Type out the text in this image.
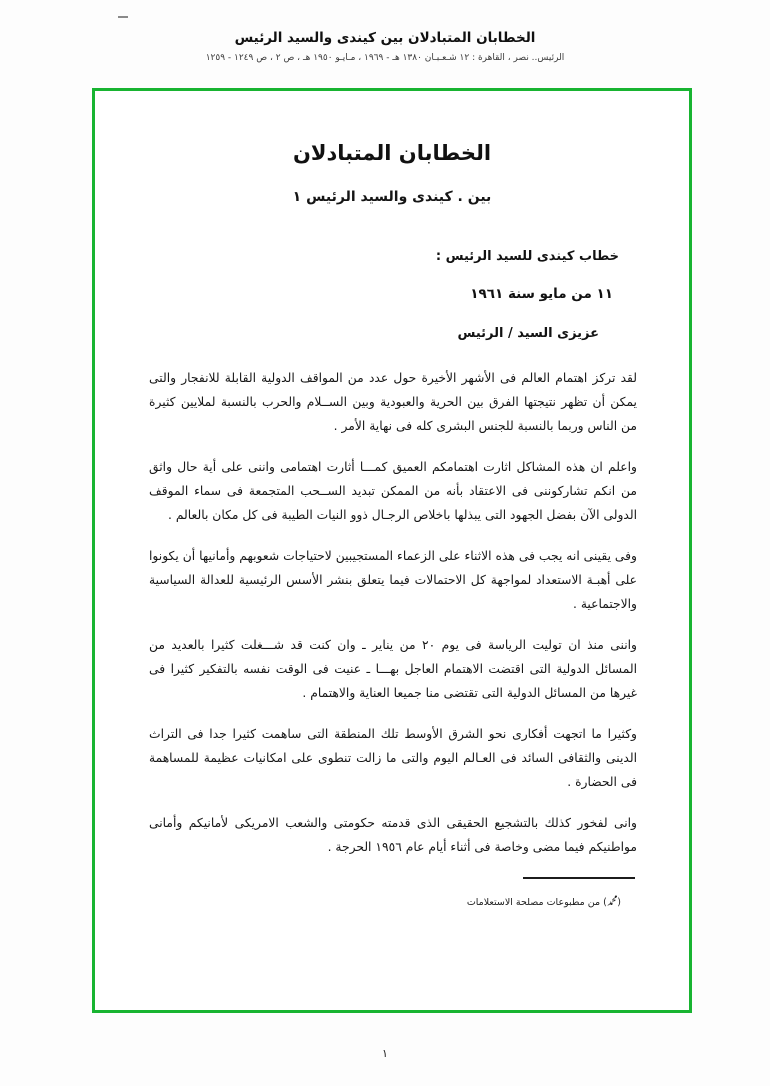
الخطابان المتبادلان بين كيندى والسيد الرئيس
الرئيس.. نصر ، القاهرة : ١٢ شـعـبـان ١٣٨٠ هـ - ١٩٦٩ ، مـايـو ١٩٥٠ هـ ، ص ٢ ، ص ١٢٤٩ - ١٢٥٩
الخطابان المتبادلان
بين . كيندى والسيد الرئيس ١
خطاب كيندى للسيد الرئيس :
١١ من مايو سنة ١٩٦١
عزيزى السيد / الرئيس

لقد تركز اهتمام العالم فى الأشهر الأخيرة حول عدد من المواقف الدولية القابلة للانفجار والتى يمكن أن تظهر نتيجتها الفرق بين الحرية والعبودية وبين الســلام والحرب بالنسبة لملايين كثيرة من الناس وربما بالنسبة للجنس البشرى كله فى نهاية الأمر .

واعلم ان هذه المشاكل اثارت اهتمامكم العميق كمـــا أثارت اهتمامى واننى على أية حال واثق من انكم تشاركوننى فى الاعتقاد بأنه من الممكن تبديد الســحب المتجمعة فى سماء الموقف الدولى الآن بفضل الجهود التى يبذلها باخلاص الرجـال ذوو النيات الطيبة فى كل مكان بالعالم .

وفى يقينى انه يجب فى هذه الاثناء على الزعماء المستجيبين لاحتياجات شعوبهم وأمانيها أن يكونوا على أهبـة الاستعداد لمواجهة كل الاحتمالات فيما يتعلق بنشر الأسس الرئيسية للعدالة السياسية والاجتماعية .

واننى منذ ان توليت الرياسة فى يوم ٢٠ من يناير ـ وان كنت قد شـــغلت كثيرا بالعديد من المسائل الدولية التى اقتضت الاهتمام العاجل بهـــا ـ عنيت فى الوقت نفسه بالتفكير كثيرا فى غيرها من المسائل الدولية التى تقتضى منا جميعا العناية والاهتمام .

وكثيرا ما اتجهت أفكارى نحو الشرق الأوسط تلك المنطقة التى ساهمت كثيرا جدا فى التراث الدينى والثقافى السائد فى العـالم اليوم والتى ما زالت تنطوى على امكانيات عظيمة للمساهمة فى الحضارة .

وانى لفخور كذلك بالتشجيع الحقيقى الذى قدمته حكومتى والشعب الامريكى لأمانيكم وأمانى مواطنيكم فيما مضى وخاصة فى أثناء أيام عام ١٩٥٦ الحرجة .

(ﷴ) من مطبوعات مصلحة الاستعلامات
١
